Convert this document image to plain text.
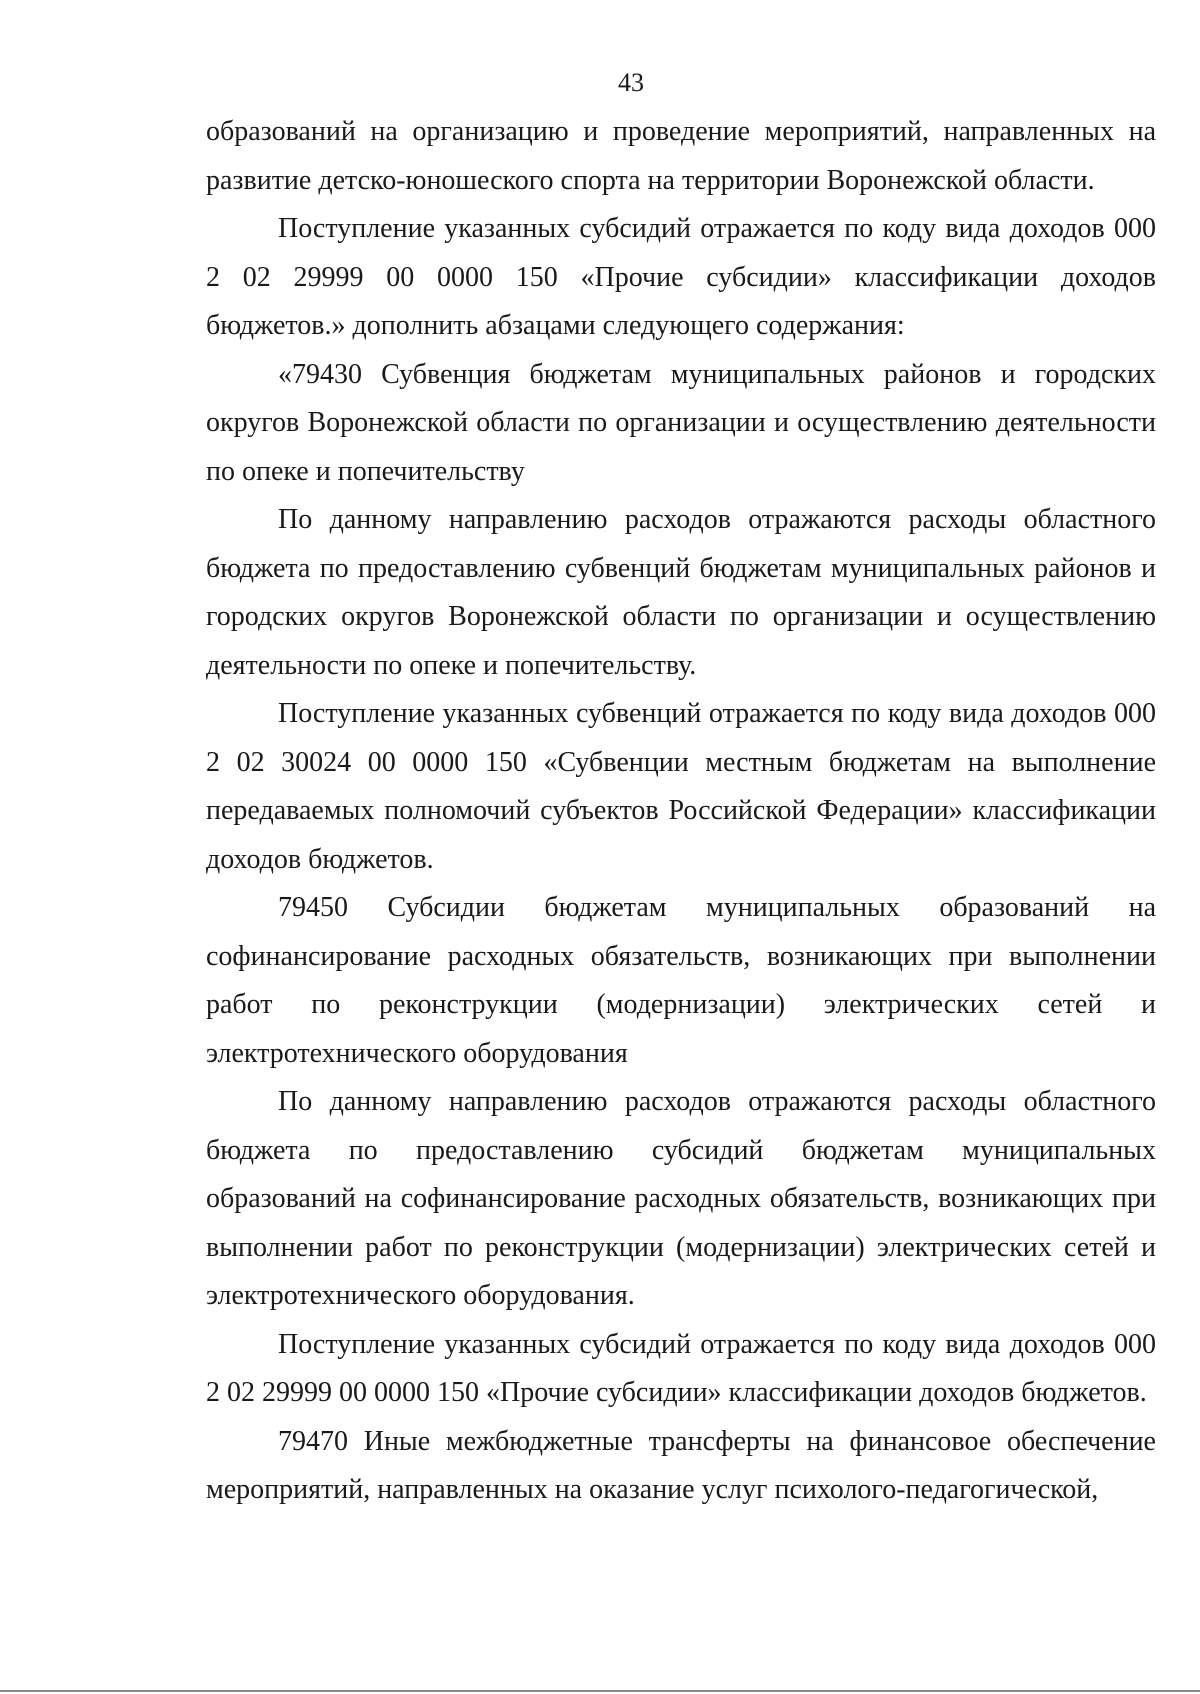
43

образований на организацию и проведение мероприятий, направленных на развитие детско-юношеского спорта на территории Воронежской области.

Поступление указанных субсидий отражается по коду вида доходов 000 2 02 29999 00 0000 150 «Прочие субсидии» классификации доходов бюджетов.» дополнить абзацами следующего содержания:

«79430 Субвенция бюджетам муниципальных районов и городских округов Воронежской области по организации и осуществлению деятельности по опеке и попечительству

По данному направлению расходов отражаются расходы областного бюджета по предоставлению субвенций бюджетам муниципальных районов и городских округов Воронежской области по организации и осуществлению деятельности по опеке и попечительству.

Поступление указанных субвенций отражается по коду вида доходов 000 2 02 30024 00 0000 150 «Субвенции местным бюджетам на выполнение передаваемых полномочий субъектов Российской Федерации» классификации доходов бюджетов.

79450 Субсидии бюджетам муниципальных образований на софинансирование расходных обязательств, возникающих при выполнении работ по реконструкции (модернизации) электрических сетей и электротехнического оборудования

По данному направлению расходов отражаются расходы областного бюджета по предоставлению субсидий бюджетам муниципальных образований на софинансирование расходных обязательств, возникающих при выполнении работ по реконструкции (модернизации) электрических сетей и электротехнического оборудования.

Поступление указанных субсидий отражается по коду вида доходов 000 2 02 29999 00 0000 150 «Прочие субсидии» классификации доходов бюджетов.

79470 Иные межбюджетные трансферты на финансовое обеспечение мероприятий, направленных на оказание услуг психолого-педагогической,
